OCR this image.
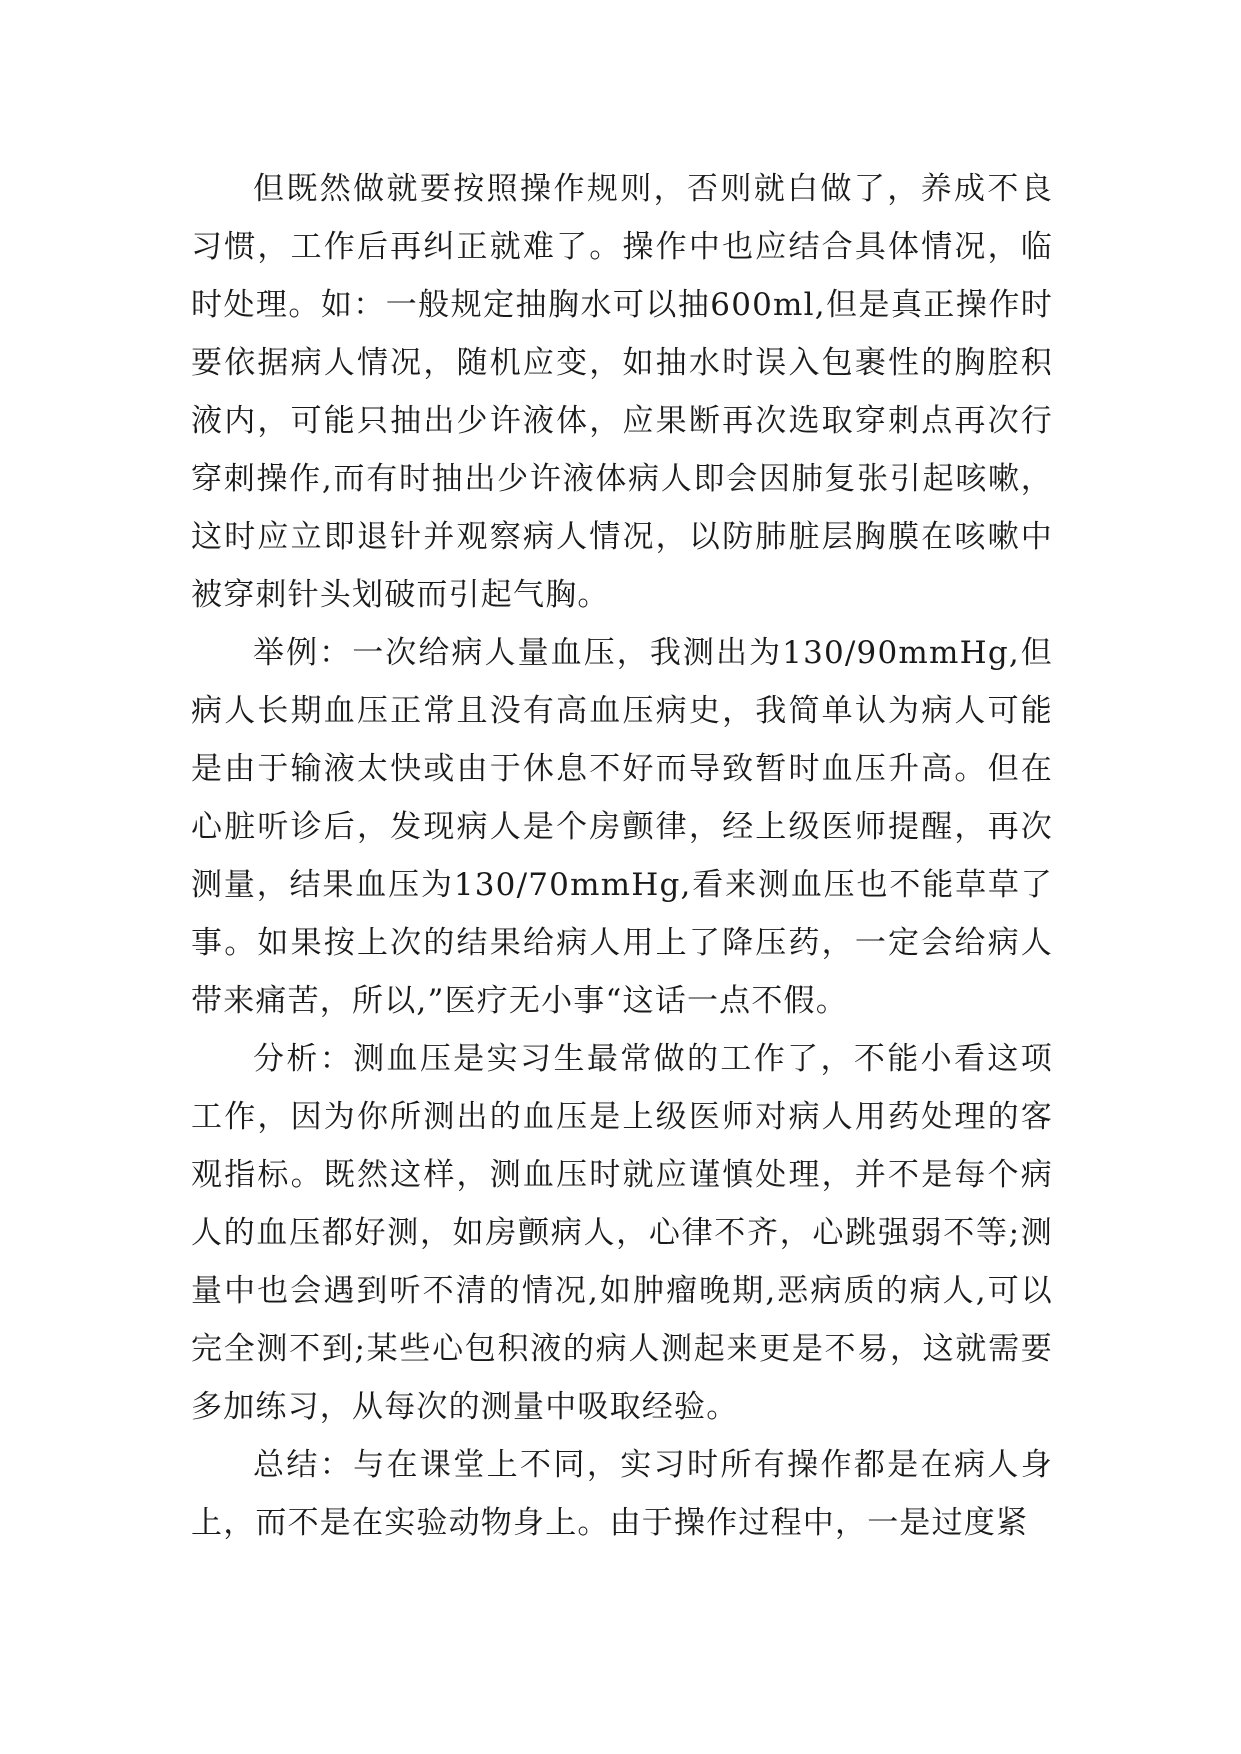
但既然做就要按照操作规则，否则就白做了，养成不良习惯，工作后再纠正就难了。操作中也应结合具体情况，临时处理。如：一般规定抽胸水可以抽600ml,但是真正操作时要依据病人情况，随机应变，如抽水时误入包裹性的胸腔积液内，可能只抽出少许液体，应果断再次选取穿刺点再次行穿刺操作,而有时抽出少许液体病人即会因肺复张引起咳嗽，这时应立即退针并观察病人情况，以防肺脏层胸膜在咳嗽中被穿刺针头划破而引起气胸。

举例：一次给病人量血压，我测出为130/90mmHg,但病人长期血压正常且没有高血压病史，我简单认为病人可能是由于输液太快或由于休息不好而导致暂时血压升高。但在心脏听诊后，发现病人是个房颤律，经上级医师提醒，再次测量，结果血压为130/70mmHg,看来测血压也不能草草了事。如果按上次的结果给病人用上了降压药，一定会给病人带来痛苦，所以,”医疗无小事“这话一点不假。

分析：测血压是实习生最常做的工作了，不能小看这项工作，因为你所测出的血压是上级医师对病人用药处理的客观指标。既然这样，测血压时就应谨慎处理，并不是每个病人的血压都好测，如房颤病人，心律不齐，心跳强弱不等;测量中也会遇到听不清的情况,如肿瘤晚期,恶病质的病人,可以完全测不到;某些心包积液的病人测起来更是不易，这就需要多加练习，从每次的测量中吸取经验。

总结：与在课堂上不同，实习时所有操作都是在病人身上，而不是在实验动物身上。由于操作过程中，一是过度紧
